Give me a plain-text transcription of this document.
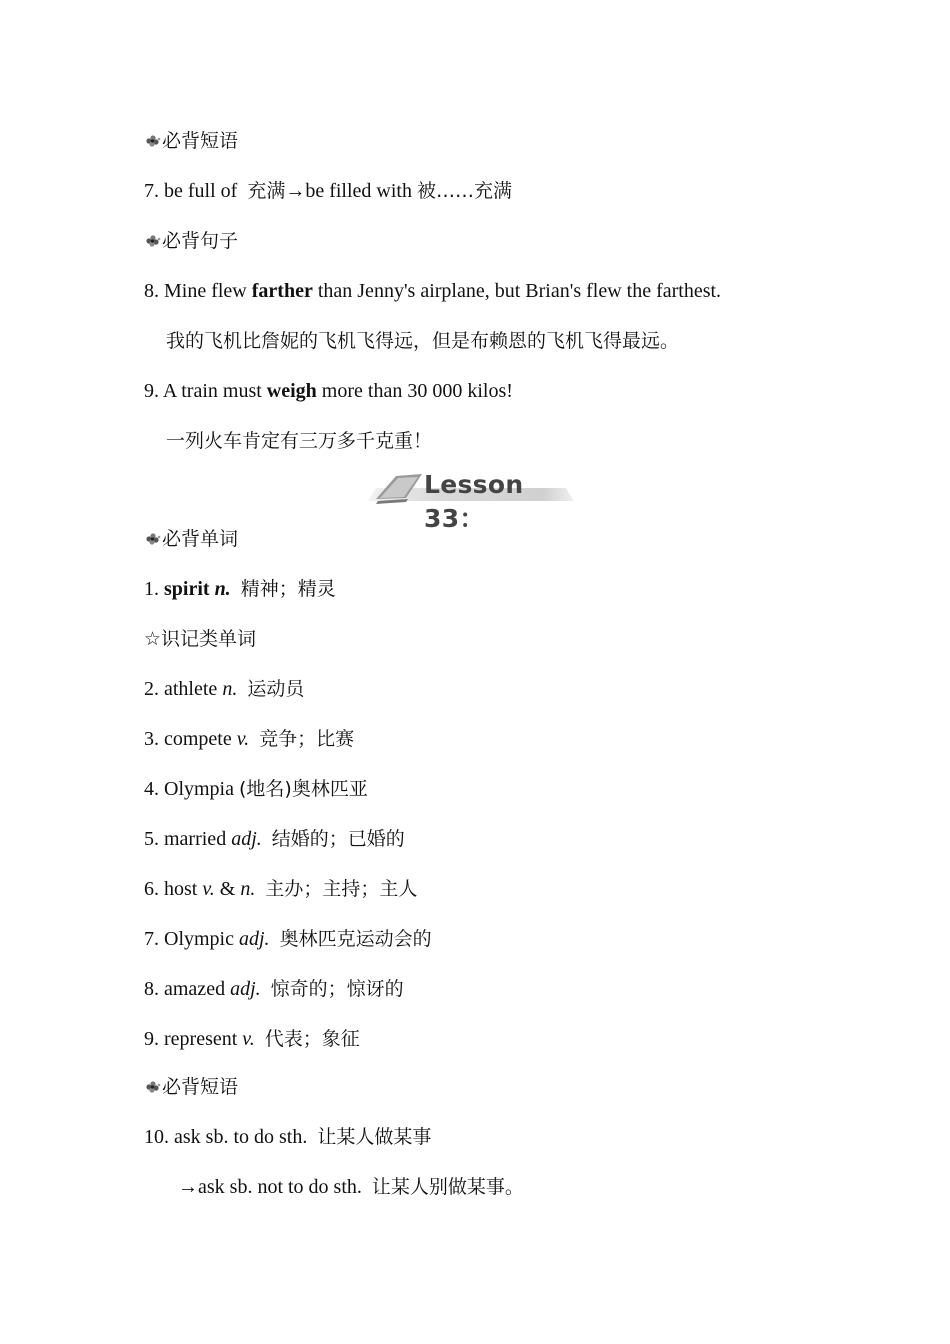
必背短语
7. be full of 充满→be filled with 被……充满
必背句子
8. Mine flew farther than Jenny's airplane, but Brian's flew the farthest.
我的飞机比詹妮的飞机飞得远，但是布赖恩的飞机飞得最远。
9. A train must weigh more than 30 000 kilos!
一列火车肯定有三万多千克重！
Lesson 33：
必背单词
1. spirit n. 精神；精灵
☆识记类单词
2. athlete n. 运动员
3. compete v. 竞争；比赛
4. Olympia (地名)奥林匹亚
5. married adj. 结婚的；已婚的
6. host v. & n. 主办；主持；主人
7. Olympic adj. 奥林匹克运动会的
8. amazed adj. 惊奇的；惊讶的
9. represent v. 代表；象征
必背短语
10. ask sb. to do sth. 让某人做某事
→ask sb. not to do sth. 让某人别做某事。
